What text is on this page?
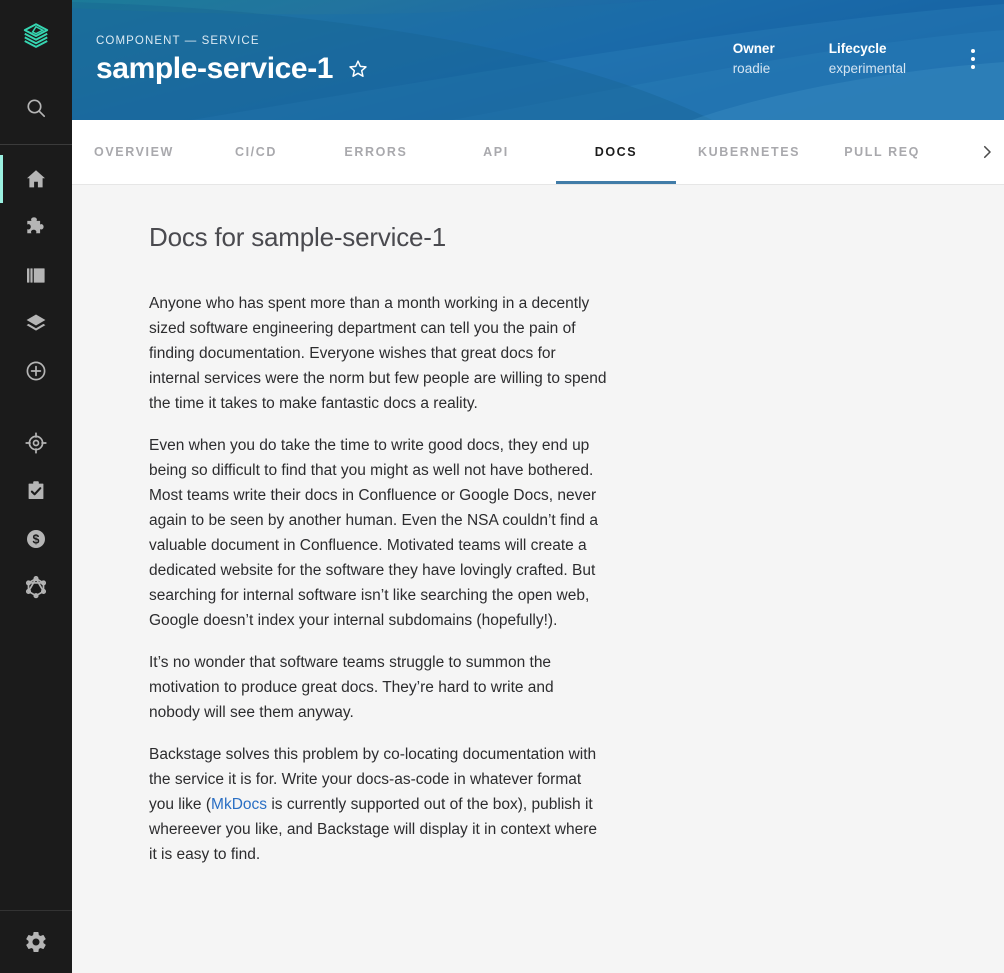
$
COMPONENT — SERVICE
sample-service-1
Owner
roadie
Lifecycle
experimental
OVERVIEW	CI/CD	ERRORS	API	DOCS	KUBERNETES	PULL REQ
Docs for sample-service-1

Anyone who has spent more than a month working in a decently sized software engineering department can tell you the pain of finding documentation. Everyone wishes that great docs for internal services were the norm but few people are willing to spend the time it takes to make fantastic docs a reality.

Even when you do take the time to write good docs, they end up being so difficult to find that you might as well not have bothered. Most teams write their docs in Confluence or Google Docs, never again to be seen by another human. Even the NSA couldn’t find a valuable document in Confluence. Motivated teams will create a dedicated website for the software they have lovingly crafted. But searching for internal software isn’t like searching the open web, Google doesn’t index your internal subdomains (hopefully!).

It’s no wonder that software teams struggle to summon the motivation to produce great docs. They’re hard to write and nobody will see them anyway.

Backstage solves this problem by co-locating documentation with the service it is for. Write your docs-as-code in whatever format you like (MkDocs is currently supported out of the box), publish it whereever you like, and Backstage will display it in context where it is easy to find.
